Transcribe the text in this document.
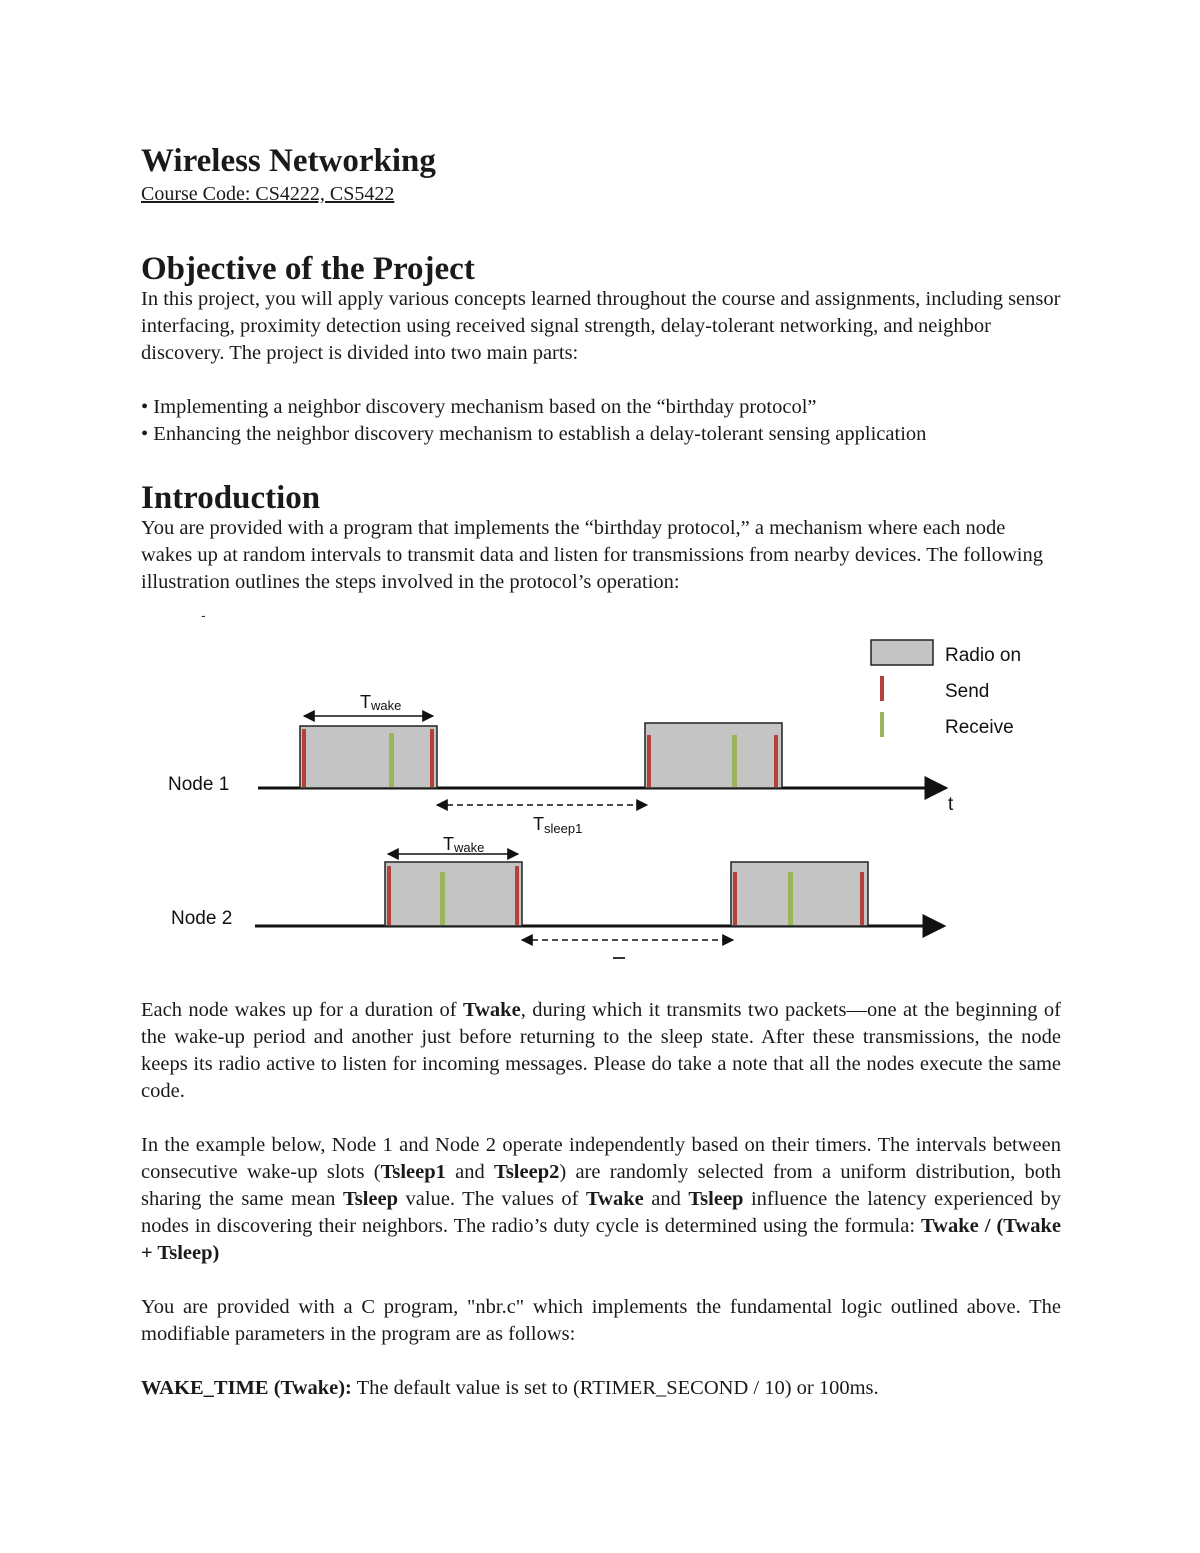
Wireless Networking
Course Code: CS4222, CS5422
Objective of the Project

In this project, you will apply various concepts learned throughout the course and assignments, including sensor interfacing, proximity detection using received signal strength, delay-tolerant networking, and neighbor discovery. The project is divided into two main parts:

• Implementing a neighbor discovery mechanism based on the “birthday protocol”

• Enhancing the neighbor discovery mechanism to establish a delay-tolerant sensing application

Introduction

You are provided with a program that implements the “birthday protocol,” a mechanism where each node wakes up at random intervals to transmit data and listen for transmissions from nearby devices. The following illustration outlines the steps involved in the protocol’s operation:

Each node wakes up for a duration of Twake, during which it transmits two packets—one at the beginning of the wake-up period and another just before returning to the sleep state. After these transmissions, the node keeps its radio active to listen for incoming messages. Please do take a note that all the nodes execute the same code.

In the example below, Node 1 and Node 2 operate independently based on their timers. The intervals between consecutive wake-up slots (Tsleep1 and Tsleep2) are randomly selected from a uniform distribution, both sharing the same mean Tsleep value. The values of Twake and Tsleep influence the latency experienced by nodes in discovering their neighbors. The radio’s duty cycle is determined using the formula: Twake / (Twake + Tsleep)

You are provided with a C program, "nbr.c" which implements the fundamental logic outlined above. The modifiable parameters in the program are as follows:

WAKE_TIME (Twake): The default value is set to (RTIMER_SECOND / 10) or 100ms.

-
Radio on
Send
Receive
Node 1
t
Twake
Tsleep1
Node 2
Twake
